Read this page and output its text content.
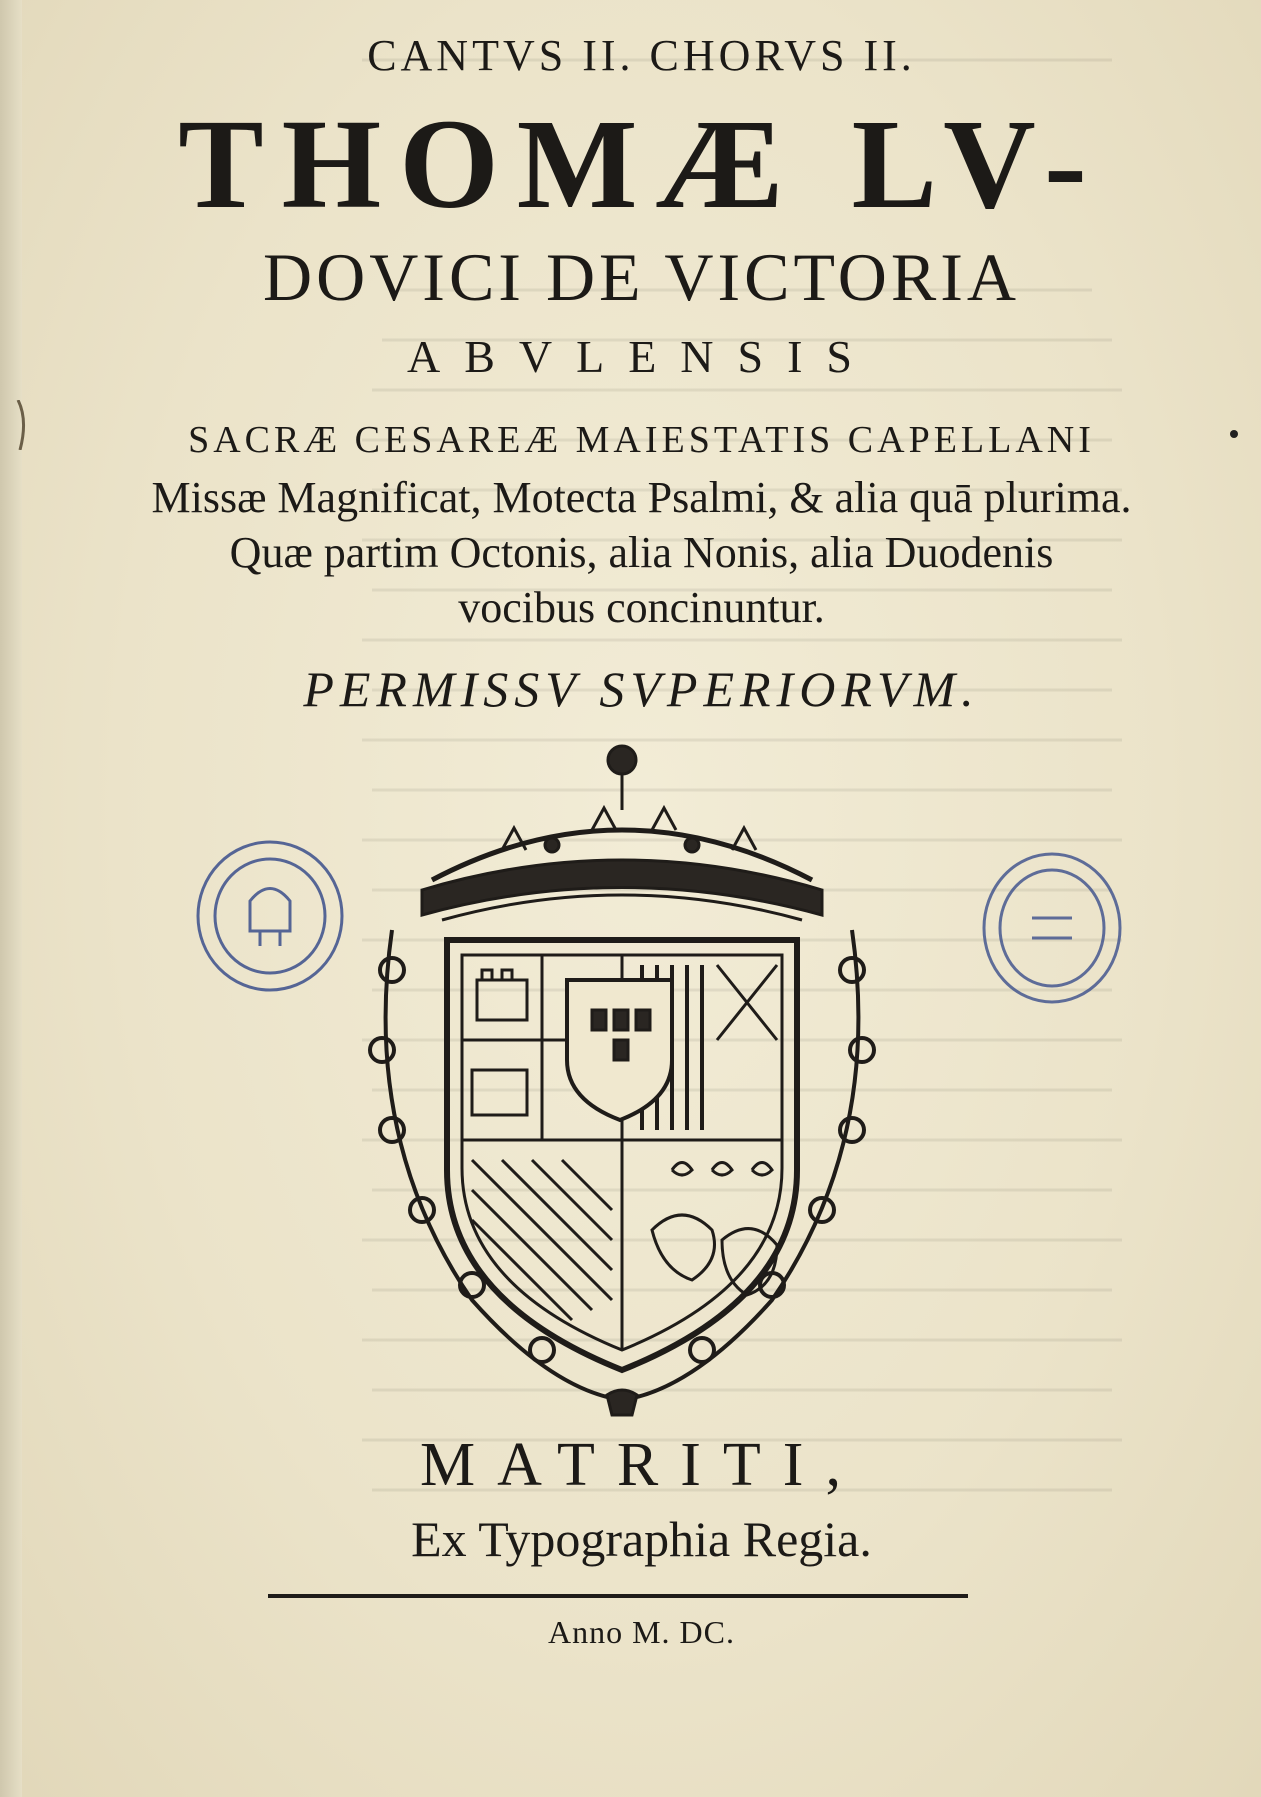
CANTVS II. CHORVS II.
THOMÆ LV-
DOVICI DE VICTORIA
ABVLENSIS
SACRÆ CESAREÆ MAIESTATIS CAPELLANI
Missæ Magnificat, Motecta Psalmi, & alia quā plurima.
Quæ partim Octonis, alia Nonis, alia Duodenis
vocibus concinuntur.
PERMISSV SVPERIORVM.
MATRITI,
Ex Typographia Regia.
Anno M. DC.
